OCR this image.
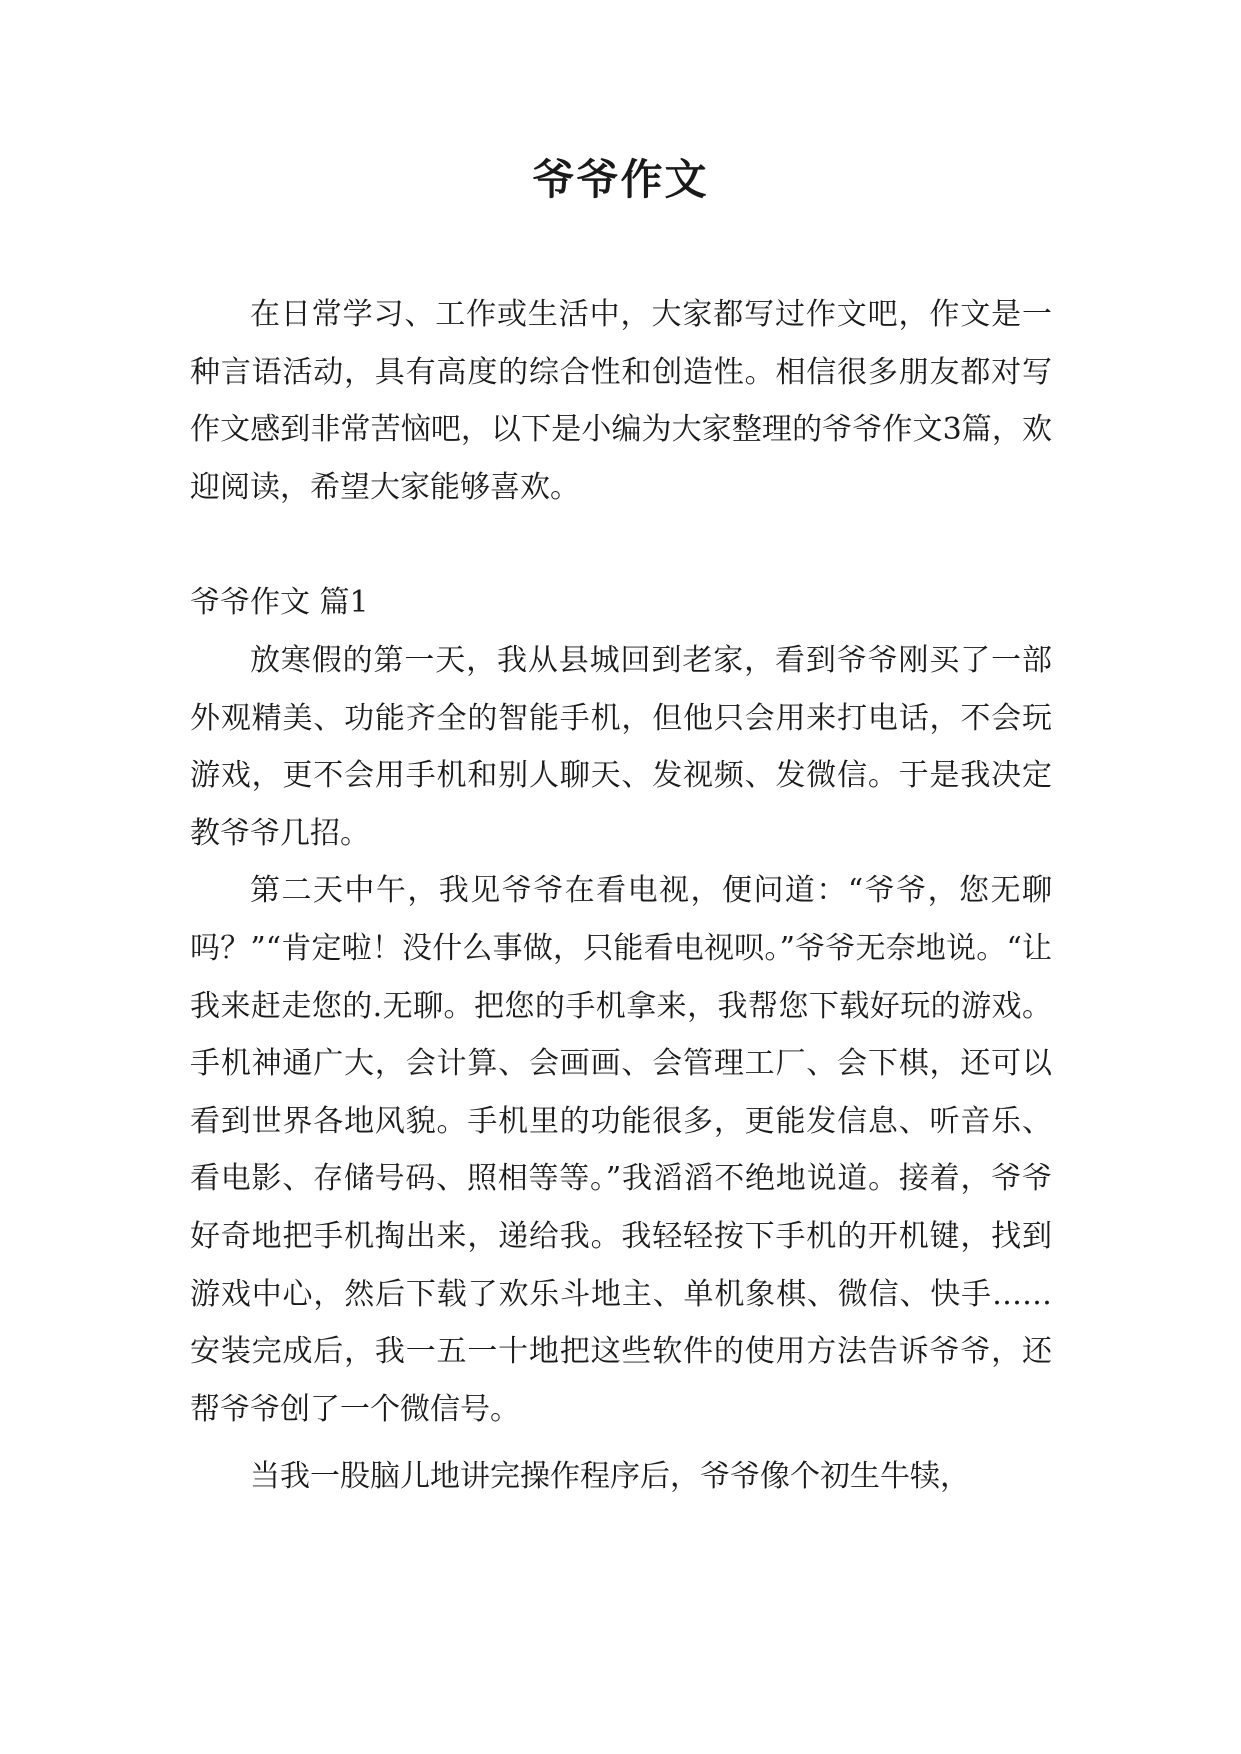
爷爷作文

在日常学习、工作或生活中，大家都写过作文吧，作文是一种言语活动，具有高度的综合性和创造性。相信很多朋友都对写作文感到非常苦恼吧，以下是小编为大家整理的爷爷作文3篇，欢迎阅读，希望大家能够喜欢。

爷爷作文 篇1

放寒假的第一天，我从县城回到老家，看到爷爷刚买了一部外观精美、功能齐全的智能手机，但他只会用来打电话，不会玩游戏，更不会用手机和别人聊天、发视频、发微信。于是我决定教爷爷几招。

第二天中午，我见爷爷在看电视，便问道：“爷爷，您无聊吗？”“肯定啦！没什么事做，只能看电视呗。”爷爷无奈地说。“让我来赶走您的.无聊。把您的手机拿来，我帮您下载好玩的游戏。手机神通广大，会计算、会画画、会管理工厂、会下棋，还可以看到世界各地风貌。手机里的功能很多，更能发信息、听音乐、看电影、存储号码、照相等等。”我滔滔不绝地说道。接着，爷爷好奇地把手机掏出来，递给我。我轻轻按下手机的开机键，找到游戏中心，然后下载了欢乐斗地主、单机象棋、微信、快手……安装完成后，我一五一十地把这些软件的使用方法告诉爷爷，还帮爷爷创了一个微信号。

当我一股脑儿地讲完操作程序后，爷爷像个初生牛犊，
